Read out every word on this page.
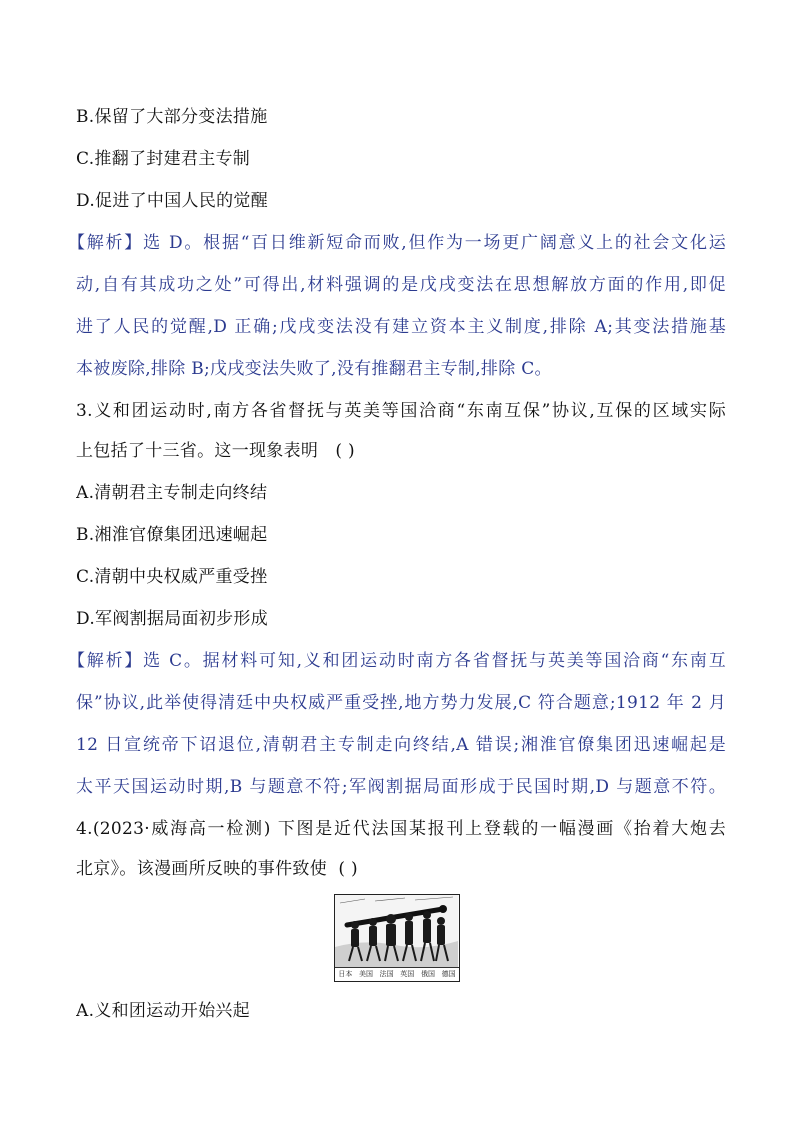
B.保留了大部分变法措施
C.推翻了封建君主专制
D.促进了中国人民的觉醒
【解析】选 D。根据“百日维新短命而败,但作为一场更广阔意义上的社会文化运
动,自有其成功之处”可得出,材料强调的是戊戌变法在思想解放方面的作用,即促
进了人民的觉醒,D 正确;戊戌变法没有建立资本主义制度,排除 A;其变法措施基
本被废除,排除 B;戊戌变法失败了,没有推翻君主专制,排除 C。
3.义和团运动时,南方各省督抚与英美等国洽商“东南互保”协议,互保的区域实际
上包括了十三省。这一现象表明 ( )
A.清朝君主专制走向终结
B.湘淮官僚集团迅速崛起
C.清朝中央权威严重受挫
D.军阀割据局面初步形成
【解析】选 C。据材料可知,义和团运动时南方各省督抚与英美等国洽商“东南互
保”协议,此举使得清廷中央权威严重受挫,地方势力发展,C 符合题意;1912 年 2 月
12 日宣统帝下诏退位,清朝君主专制走向终结,A 错误;湘淮官僚集团迅速崛起是
太平天国运动时期,B 与题意不符;军阀割据局面形成于民国时期,D 与题意不符。
4.(2023·威海高一检测) 下图是近代法国某报刊上登载的一幅漫画《抬着大炮去
北京》。该漫画所反映的事件致使 ( )
日本 美国 法国 英国 俄国 德国
A.义和团运动开始兴起
